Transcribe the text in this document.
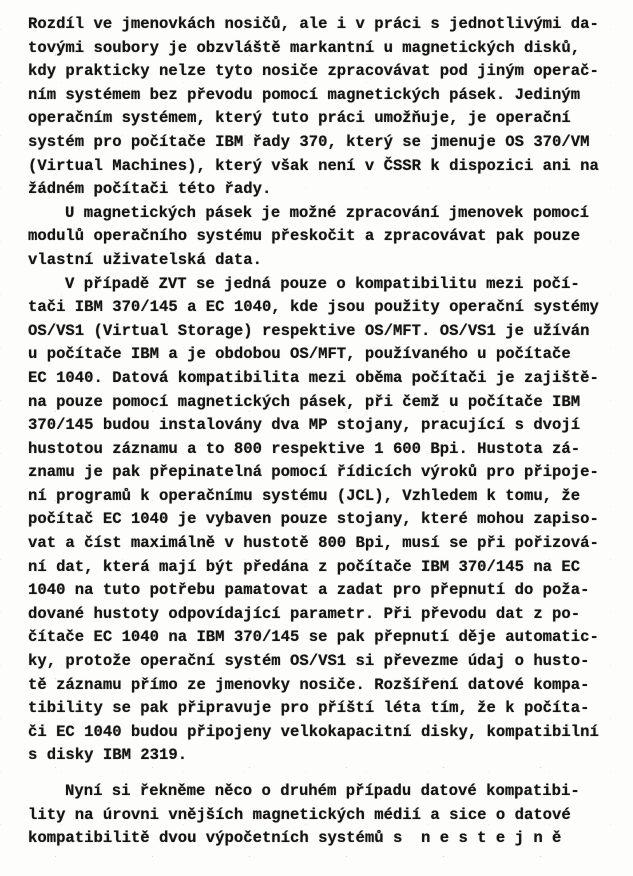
Rozdíl ve jmenovkách nosičů, ale i v práci s jednotlivými da-
tovými soubory je obzvláště markantní u magnetických disků,
kdy prakticky nelze tyto nosiče zpracovávat pod jiným operač-
ním systémem bez převodu pomocí magnetických pásek. Jediným
operačním systémem, který tuto práci umožňuje, je operační
systém pro počítače IBM řady 370, který se jmenuje OS 370/VM
(Virtual Machines), který však není v ČSSR k dispozici ani na
žádném počítači této řady.
U magnetických pásek je možné zpracování jmenovek pomocí
modulů operačního systému přeskočit a zpracovávat pak pouze
vlastní uživatelská data.
V případě ZVT se jedná pouze o kompatibilitu mezi počí-
tači IBM 370/145 a EC 1040, kde jsou použity operační systémy
OS/VS1 (Virtual Storage) respektive OS/MFT. OS/VS1 je užíván
u počítače IBM a je obdobou OS/MFT, používaného u počítače
EC 1040. Datová kompatibilita mezi oběma počítači je zajiště-
na pouze pomocí magnetických pásek, při čemž u počítače IBM
370/145 budou instalovány dva MP stojany, pracující s dvojí
hustotou záznamu a to 800 respektive 1 600 Bpi. Hustota zá-
znamu je pak přepinatelná pomocí řídicích výroků pro připoje-
ní programů k operačnímu systému (JCL), Vzhledem k tomu, že
počítač EC 1040 je vybaven pouze stojany, které mohou zapiso-
vat a číst maximálně v hustotě 800 Bpi, musí se při pořizová-
ní dat, která mají být předána z počítače IBM 370/145 na EC
1040 na tuto potřebu pamatovat a zadat pro přepnutí do poža-
dované hustoty odpovídající parametr. Při převodu dat z po-
čítače EC 1040 na IBM 370/145 se pak přepnutí děje automatic-
ky, protože operační systém OS/VS1 si převezme údaj o husto-
tě záznamu přímo ze jmenovky nosiče. Rozšíření datové kompa-
tibility se pak připravuje pro příští léta tím, že k počíta-
či EC 1040 budou připojeny velkokapacitní disky, kompatibilní
s disky IBM 2319.
Nyní si řekněme něco o druhém případu datové kompatibi-
lity na úrovni vnějších magnetických médií a sice o datové
kompatibilitě dvou výpočetních systémů s  n e s t e j n ě
